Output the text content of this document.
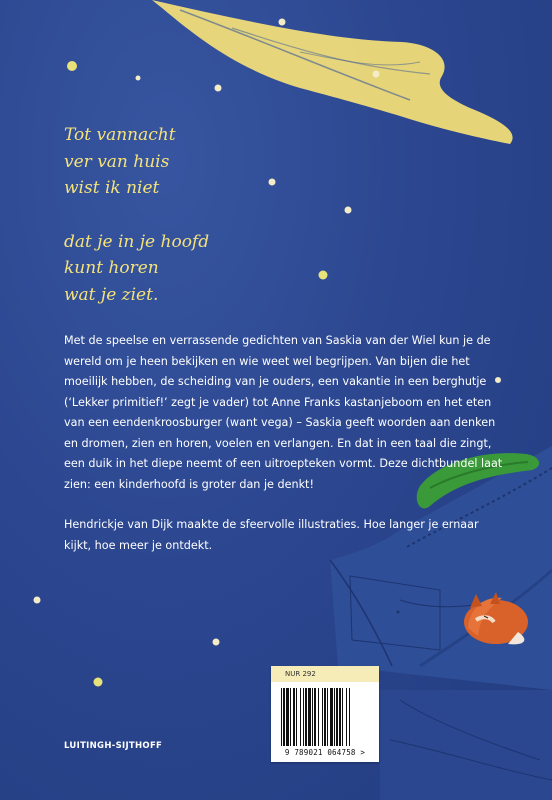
Tot vannacht
ver van huis
wist ik niet
dat je in je hoofd
kunt horen
wat je ziet.

Met de speelse en verrassende gedichten van Saskia van der Wiel kun je de wereld om je heen bekijken en wie weet wel begrijpen. Van bijen die het moeilijk hebben, de scheiding van je ouders, een vakantie in een berghutje (‘Lekker primitief!’ zegt je vader) tot Anne Franks kastanjeboom en het eten van een eendenkroosburger (want vega) – Saskia geeft woorden aan denken en dromen, zien en horen, voelen en verlangen. En dat in een taal die zingt, een duik in het diepe neemt of een uitroepteken vormt. Deze dichtbundel laat zien: een kinderhoofd is groter dan je denkt!

Hendrickje van Dijk maakte de sfeervolle illustraties. Hoe langer je ernaar kijkt, hoe meer je ontdekt.

LUITINGH-SIJTHOFF
NUR 292
9 789021 064758 >
